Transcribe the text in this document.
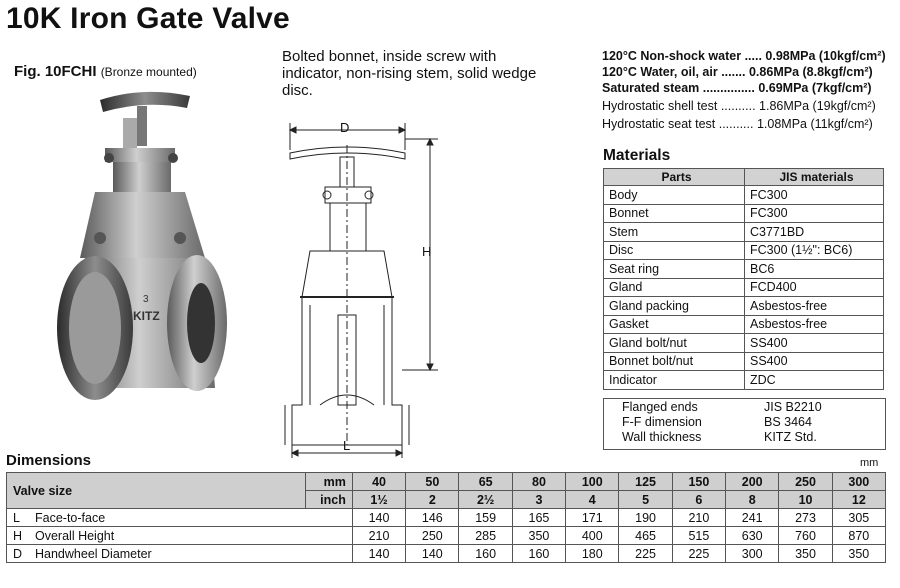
10K Iron Gate Valve
Fig. 10FCHI (Bronze mounted)
KITZ
3
Bolted bonnet, inside screw with indicator, non-rising stem, solid wedge disc.
D
H
L
120°C Non-shock water ..... 0.98MPa (10kgf/cm²)
120°C Water, oil, air ....... 0.86MPa (8.8kgf/cm²)
Saturated steam ............... 0.69MPa (7kgf/cm²)
Hydrostatic shell test .......... 1.86MPa (19kgf/cm²)
Hydrostatic seat test .......... 1.08MPa (11kgf/cm²)
Materials
Parts	JIS materials
Body	FC300
Bonnet	FC300
Stem	C3771BD
Disc	FC300 (1½": BC6)
Seat ring	BC6
Gland	FCD400
Gland packing	Asbestos-free
Gasket	Asbestos-free
Gland bolt/nut	SS400
Bonnet bolt/nut	SS400
Indicator	ZDC
Flanged ends	JIS B2210
F-F dimension	BS 3464
Wall thickness	KITZ Std.
Dimensions	mm
Valve size		mm	40	50	65	80	100	125	150	200	250	300
		inch	1½	2	2½	3	4	5	6	8	10	12
L	Face-to-face		140	146	159	165	171	190	210	241	273	305
H	Overall Height		210	250	285	350	400	465	515	630	760	870
D	Handwheel Diameter		140	140	160	160	180	225	225	300	350	350
